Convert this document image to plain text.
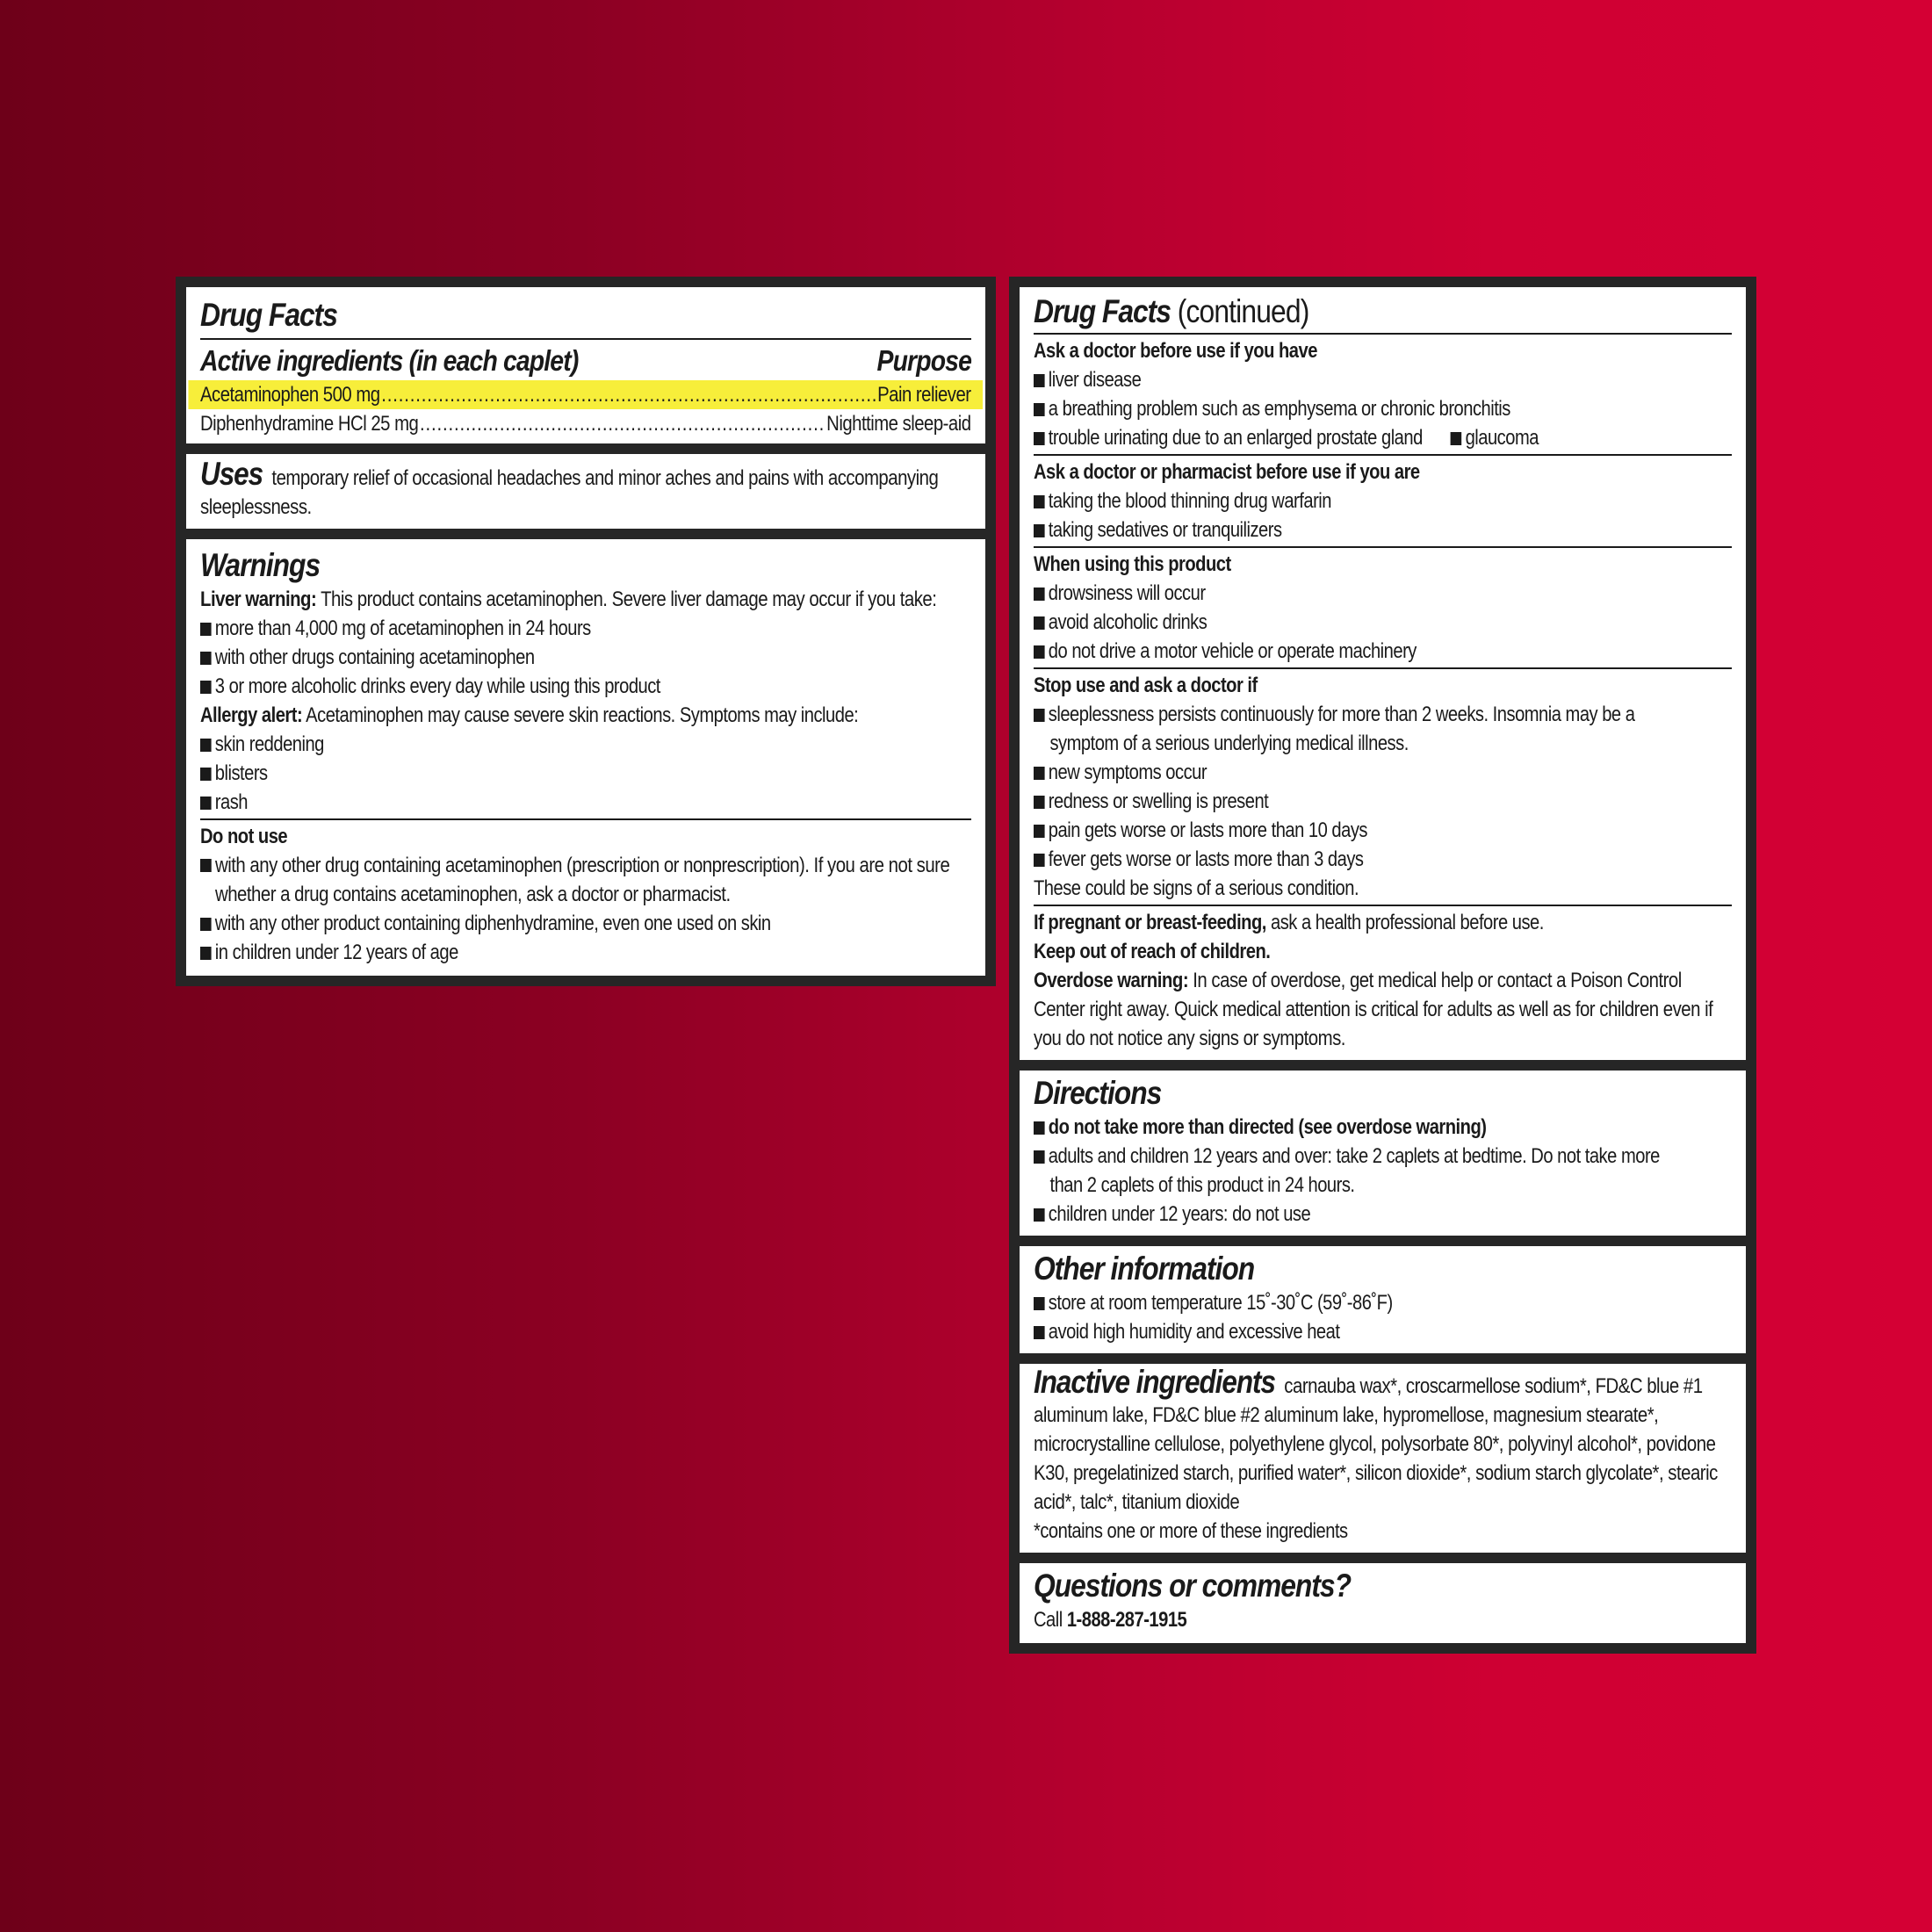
Drug Facts
Active ingredients (in each caplet)	Purpose
Acetaminophen 500 mg .....	Pain reliever
Diphenhydramine HCl 25 mg .....	Nighttime sleep-aid
Uses temporary relief of occasional headaches and minor aches and pains with accompanying sleeplessness.
Warnings
Liver warning: This product contains acetaminophen. Severe liver damage may occur if you take:
more than 4,000 mg of acetaminophen in 24 hours
with other drugs containing acetaminophen
3 or more alcoholic drinks every day while using this product
Allergy alert: Acetaminophen may cause severe skin reactions. Symptoms may include:
skin reddening
blisters
rash
Do not use
with any other drug containing acetaminophen (prescription or nonprescription). If you are not sure whether a drug contains acetaminophen, ask a doctor or pharmacist.
with any other product containing diphenhydramine, even one used on skin
in children under 12 years of age
Drug Facts (continued)
Ask a doctor before use if you have
liver disease
a breathing problem such as emphysema or chronic bronchitis
trouble urinating due to an enlarged prostate gland glaucoma
Ask a doctor or pharmacist before use if you are
taking the blood thinning drug warfarin
taking sedatives or tranquilizers
When using this product
drowsiness will occur
avoid alcoholic drinks
do not drive a motor vehicle or operate machinery
Stop use and ask a doctor if
sleeplessness persists continuously for more than 2 weeks. Insomnia may be a
symptom of a serious underlying medical illness.
new symptoms occur
redness or swelling is present
pain gets worse or lasts more than 10 days
fever gets worse or lasts more than 3 days
These could be signs of a serious condition.
If pregnant or breast-feeding, ask a health professional before use.
Keep out of reach of children.
Overdose warning: In case of overdose, get medical help or contact a Poison Control Center right away. Quick medical attention is critical for adults as well as for children even if you do not notice any signs or symptoms.
Directions
do not take more than directed (see overdose warning)
adults and children 12 years and over: take 2 caplets at bedtime. Do not take more
than 2 caplets of this product in 24 hours.
children under 12 years: do not use
Other information
store at room temperature 15˚-30˚C (59˚-86˚F)
avoid high humidity and excessive heat
Inactive ingredients carnauba wax*, croscarmellose sodium*, FD&C blue #1 aluminum lake, FD&C blue #2 aluminum lake, hypromellose, magnesium stearate*, microcrystalline cellulose, polyethylene glycol, polysorbate 80*, polyvinyl alcohol*, povidone K30, pregelatinized starch, purified water*, silicon dioxide*, sodium starch glycolate*, stearic acid*, talc*, titanium dioxide
*contains one or more of these ingredients
Questions or comments?
Call 1-888-287-1915
